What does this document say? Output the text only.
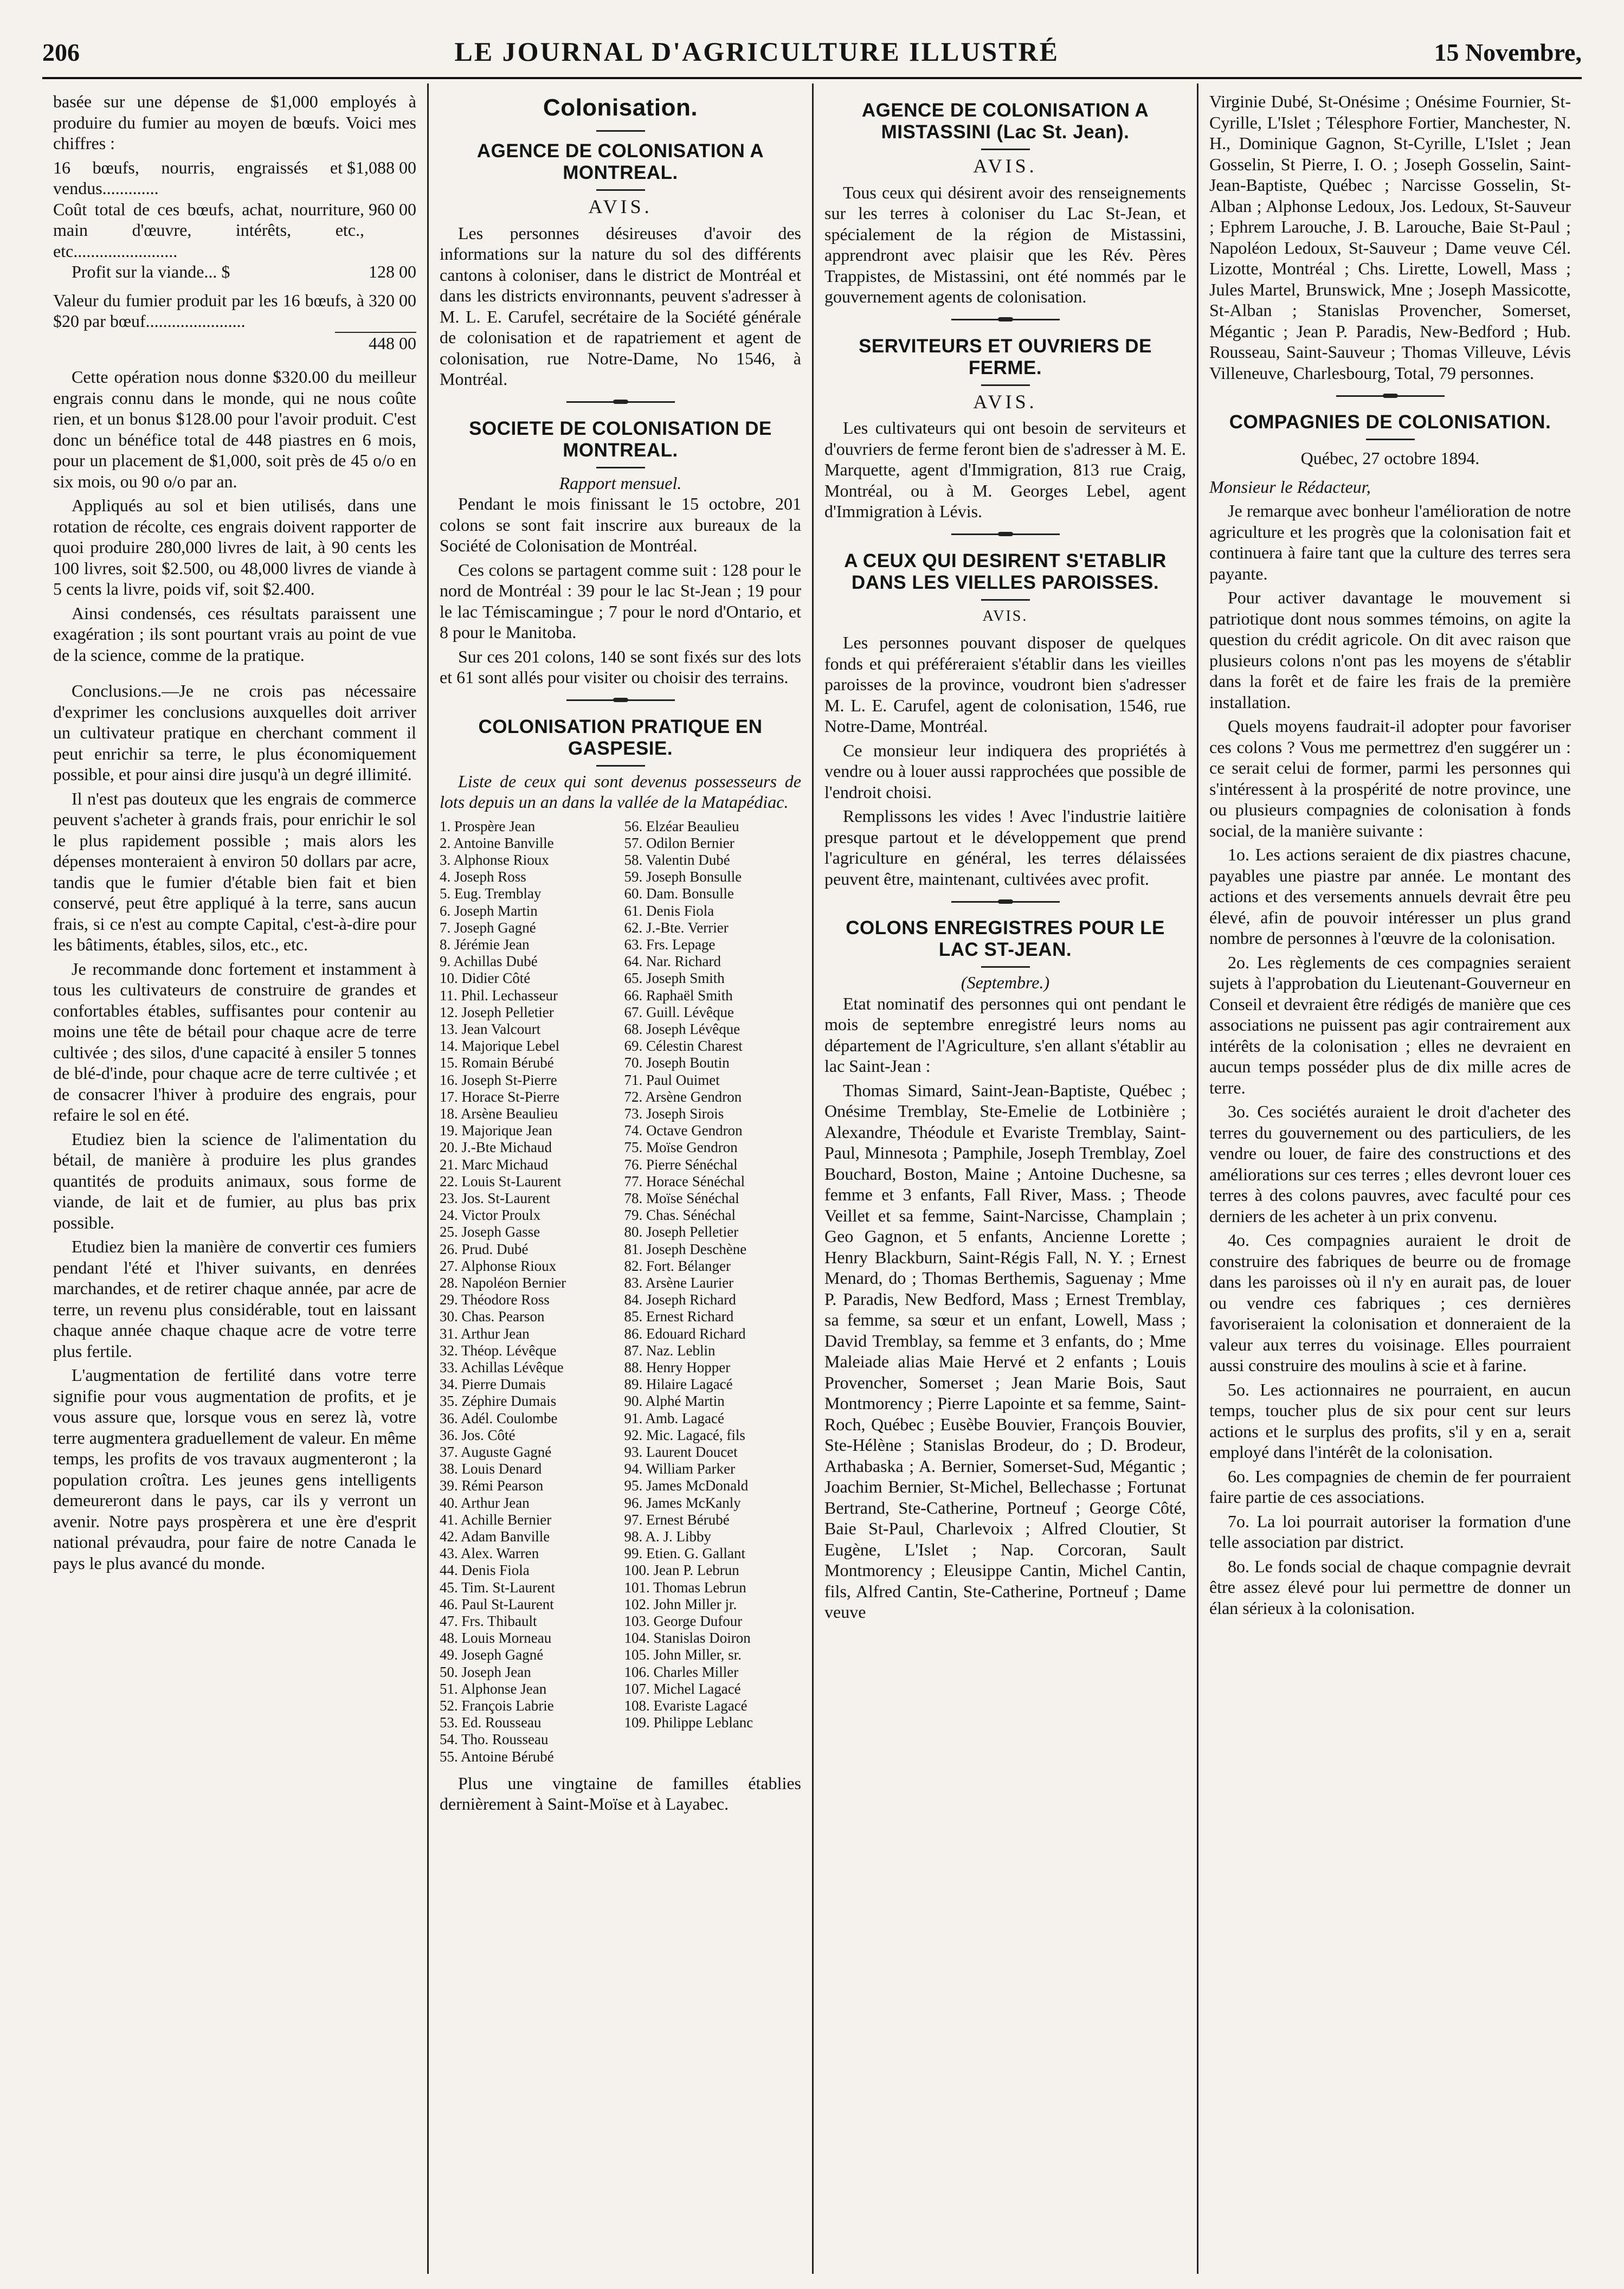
206	LE JOURNAL D'AGRICULTURE ILLUSTRÉ	15 Novembre,

basée sur une dépense de $1,000 employés à produire du fumier au moyen de bœufs. Voici mes chiffres :

16 bœufs, nourris, engraissés et vendus.............
$1,088 00
Coût total de ces bœufs, achat, nourriture, main d'œuvre, intérêts, etc., etc........................
960 00
Profit sur la viande... $	128 00
Valeur du fumier produit par les 16 bœufs, à $20 par bœuf.......................
320 00
448 00

Cette opération nous donne $320.00 du meilleur engrais connu dans le monde, qui ne nous coûte rien, et un bonus $128.00 pour l'avoir produit. C'est donc un bénéfice total de 448 piastres en 6 mois, pour un placement de $1,000, soit près de 45 o/o en six mois, ou 90 o/o par an.

Appliqués au sol et bien utilisés, dans une rotation de récolte, ces engrais doivent rapporter de quoi produire 280,000 livres de lait, à 90 cents les 100 livres, soit $2.500, ou 48,000 livres de viande à 5 cents la livre, poids vif, soit $2.400.

Ainsi condensés, ces résultats paraissent une exagération ; ils sont pourtant vrais au point de vue de la science, comme de la pratique.

Conclusions.—Je ne crois pas nécessaire d'exprimer les conclusions auxquelles doit arriver un cultivateur pratique en cherchant comment il peut enrichir sa terre, le plus économiquement possible, et pour ainsi dire jusqu'à un degré illimité.

Il n'est pas douteux que les engrais de commerce peuvent s'acheter à grands frais, pour enrichir le sol le plus rapidement possible ; mais alors les dépenses monteraient à environ 50 dollars par acre, tandis que le fumier d'étable bien fait et bien conservé, peut être appliqué à la terre, sans aucun frais, si ce n'est au compte Capital, c'est-à-dire pour les bâtiments, étables, silos, etc., etc.

Je recommande donc fortement et instamment à tous les cultivateurs de construire de grandes et confortables étables, suffisantes pour contenir au moins une tête de bétail pour chaque acre de terre cultivée ; des silos, d'une capacité à ensiler 5 tonnes de blé-d'inde, pour chaque acre de terre cultivée ; et de consacrer l'hiver à produire des engrais, pour refaire le sol en été.

Etudiez bien la science de l'alimentation du bétail, de manière à produire les plus grandes quantités de produits animaux, sous forme de viande, de lait et de fumier, au plus bas prix possible.

Etudiez bien la manière de convertir ces fumiers pendant l'été et l'hiver suivants, en denrées marchandes, et de retirer chaque année, par acre de terre, un revenu plus considérable, tout en laissant chaque année chaque chaque acre de votre terre plus fertile.

L'augmentation de fertilité dans votre terre signifie pour vous augmentation de profits, et je vous assure que, lorsque vous en serez là, votre terre augmentera graduellement de valeur. En même temps, les profits de vos travaux augmenteront ; la population croîtra. Les jeunes gens intelligents demeureront dans le pays, car ils y verront un avenir. Notre pays prospèrera et une ère d'esprit national prévaudra, pour faire de notre Canada le pays le plus avancé du monde.

Colonisation.
AGENCE DE COLONISATION A MONTREAL.
AVIS.

Les personnes désireuses d'avoir des informations sur la nature du sol des différents cantons à coloniser, dans le district de Montréal et dans les districts environnants, peuvent s'adresser à M. L. E. Carufel, secrétaire de la Société générale de colonisation et de rapatriement et agent de colonisation, rue Notre-Dame, No 1546, à Montréal.

SOCIETE DE COLONISATION DE MONTREAL.
Rapport mensuel.

Pendant le mois finissant le 15 octobre, 201 colons se sont fait inscrire aux bureaux de la Société de Colonisation de Montréal.

Ces colons se partagent comme suit : 128 pour le nord de Montréal : 39 pour le lac St-Jean ; 19 pour le lac Témiscamingue ; 7 pour le nord d'Ontario, et 8 pour le Manitoba.

Sur ces 201 colons, 140 se sont fixés sur des lots et 61 sont allés pour visiter ou choisir des terrains.

COLONISATION PRATIQUE EN GASPESIE.

Liste de ceux qui sont devenus possesseurs de lots depuis un an dans la vallée de la Matapédiac.

1. Prospère Jean
2. Antoine Banville
3. Alphonse Rioux
4. Joseph Ross
5. Eug. Tremblay
6. Joseph Martin
7. Joseph Gagné
8. Jérémie Jean
9. Achillas Dubé
10. Didier Côté
11. Phil. Lechasseur
12. Joseph Pelletier
13. Jean Valcourt
14. Majorique Lebel
15. Romain Bérubé
16. Joseph St-Pierre
17. Horace St-Pierre
18. Arsène Beaulieu
19. Majorique Jean
20. J.-Bte Michaud
21. Marc Michaud
22. Louis St-Laurent
23. Jos. St-Laurent
24. Victor Proulx
25. Joseph Gasse
26. Prud. Dubé
27. Alphonse Rioux
28. Napoléon Bernier
29. Théodore Ross
30. Chas. Pearson
31. Arthur Jean
32. Théop. Lévêque
33. Achillas Lévêque
34. Pierre Dumais
35. Zéphire Dumais
36. Adél. Coulombe
36. Jos. Côté
37. Auguste Gagné
38. Louis Denard
39. Rémi Pearson
40. Arthur Jean
41. Achille Bernier
42. Adam Banville
43. Alex. Warren
44. Denis Fiola
45. Tim. St-Laurent
46. Paul St-Laurent
47. Frs. Thibault
48. Louis Morneau
49. Joseph Gagné
50. Joseph Jean
51. Alphonse Jean
52. François Labrie
53. Ed. Rousseau
54. Tho. Rousseau
55. Antoine Bérubé
56. Elzéar Beaulieu
57. Odilon Bernier
58. Valentin Dubé
59. Joseph Bonsulle
60. Dam. Bonsulle
61. Denis Fiola
62. J.-Bte. Verrier
63. Frs. Lepage
64. Nar. Richard
65. Joseph Smith
66. Raphaël Smith
67. Guill. Lévêque
68. Joseph Lévêque
69. Célestin Charest
70. Joseph Boutin
71. Paul Ouimet
72. Arsène Gendron
73. Joseph Sirois
74. Octave Gendron
75. Moïse Gendron
76. Pierre Sénéchal
77. Horace Sénéchal
78. Moïse Sénéchal
79. Chas. Sénéchal
80. Joseph Pelletier
81. Joseph Deschène
82. Fort. Bélanger
83. Arsène Laurier
84. Joseph Richard
85. Ernest Richard
86. Edouard Richard
87. Naz. Leblin
88. Henry Hopper
89. Hilaire Lagacé
90. Alphé Martin
91. Amb. Lagacé
92. Mic. Lagacé, fils
93. Laurent Doucet
94. William Parker
95. James McDonald
96. James McKanly
97. Ernest Bérubé
98. A. J. Libby
99. Etien. G. Gallant
100. Jean P. Lebrun
101. Thomas Lebrun
102. John Miller jr.
103. George Dufour
104. Stanislas Doiron
105. John Miller, sr.
106. Charles Miller
107. Michel Lagacé
108. Evariste Lagacé
109. Philippe Leblanc

Plus une vingtaine de familles établies dernièrement à Saint-Moïse et à Layabec.

AGENCE DE COLONISATION A MISTASSINI (Lac St. Jean).
AVIS.

Tous ceux qui désirent avoir des renseignements sur les terres à coloniser du Lac St-Jean, et spécialement de la région de Mistassini, apprendront avec plaisir que les Rév. Pères Trappistes, de Mistassini, ont été nommés par le gouvernement agents de colonisation.

SERVITEURS ET OUVRIERS DE FERME.
AVIS.

Les cultivateurs qui ont besoin de serviteurs et d'ouvriers de ferme feront bien de s'adresser à M. E. Marquette, agent d'Immigration, 813 rue Craig, Montréal, ou à M. Georges Lebel, agent d'Immigration à Lévis.

A CEUX QUI DESIRENT S'ETABLIR DANS LES VIELLES PAROISSES.
AVIS.

Les personnes pouvant disposer de quelques fonds et qui préféreraient s'établir dans les vieilles paroisses de la province, voudront bien s'adresser M. L. E. Carufel, agent de colonisation, 1546, rue Notre-Dame, Montréal.

Ce monsieur leur indiquera des propriétés à vendre ou à louer aussi rapprochées que possible de l'endroit choisi.

Remplissons les vides ! Avec l'industrie laitière presque partout et le développement que prend l'agriculture en général, les terres délaissées peuvent être, maintenant, cultivées avec profit.

COLONS ENREGISTRES POUR LE LAC ST-JEAN.
(Septembre.)

Etat nominatif des personnes qui ont pendant le mois de septembre enregistré leurs noms au département de l'Agriculture, s'en allant s'établir au lac Saint-Jean :

Thomas Simard, Saint-Jean-Baptiste, Québec ; Onésime Tremblay, Ste-Emelie de Lotbinière ; Alexandre, Théodule et Evariste Tremblay, Saint-Paul, Minnesota ; Pamphile, Joseph Tremblay, Zoel Bouchard, Boston, Maine ; Antoine Duchesne, sa femme et 3 enfants, Fall River, Mass. ; Theode Veillet et sa femme, Saint-Narcisse, Champlain ; Geo Gagnon, et 5 enfants, Ancienne Lorette ; Henry Blackburn, Saint-Régis Fall, N. Y. ; Ernest Menard, do ; Thomas Berthemis, Saguenay ; Mme P. Paradis, New Bedford, Mass ; Ernest Tremblay, sa femme, sa sœur et un enfant, Lowell, Mass ; David Tremblay, sa femme et 3 enfants, do ; Mme Maleiade alias Maie Hervé et 2 enfants ; Louis Provencher, Somerset ; Jean Marie Bois, Saut Montmorency ; Pierre Lapointe et sa femme, Saint-Roch, Québec ; Eusèbe Bouvier, François Bouvier, Ste-Hélène ; Stanislas Brodeur, do ; D. Brodeur, Arthabaska ; A. Bernier, Somerset-Sud, Mégantic ; Joachim Bernier, St-Michel, Bellechasse ; Fortunat Bertrand, Ste-Catherine, Portneuf ; George Côté, Baie St-Paul, Charlevoix ; Alfred Cloutier, St Eugène, L'Islet ; Nap. Corcoran, Sault Montmorency ; Eleusippe Cantin, Michel Cantin, fils, Alfred Cantin, Ste-Catherine, Portneuf ; Dame veuve

Virginie Dubé, St-Onésime ; Onésime Fournier, St-Cyrille, L'Islet ; Télesphore Fortier, Manchester, N. H., Dominique Gagnon, St-Cyrille, L'Islet ; Jean Gosselin, St Pierre, I. O. ; Joseph Gosselin, Saint-Jean-Baptiste, Québec ; Narcisse Gosselin, St-Alban ; Alphonse Ledoux, Jos. Ledoux, St-Sauveur ; Ephrem Larouche, J. B. Larouche, Baie St-Paul ; Napoléon Ledoux, St-Sauveur ; Dame veuve Cél. Lizotte, Montréal ; Chs. Lirette, Lowell, Mass ; Jules Martel, Brunswick, Mne ; Joseph Massicotte, St-Alban ; Stanislas Provencher, Somerset, Mégantic ; Jean P. Paradis, New-Bedford ; Hub. Rousseau, Saint-Sauveur ; Thomas Villeuve, Lévis Villeneuve, Charlesbourg, Total, 79 personnes.

COMPAGNIES DE COLONISATION.

Québec, 27 octobre 1894.

Monsieur le Rédacteur,

Je remarque avec bonheur l'amélioration de notre agriculture et les progrès que la colonisation fait et continuera à faire tant que la culture des terres sera payante.

Pour activer davantage le mouvement si patriotique dont nous sommes témoins, on agite la question du crédit agricole. On dit avec raison que plusieurs colons n'ont pas les moyens de s'établir dans la forêt et de faire les frais de la première installation.

Quels moyens faudrait-il adopter pour favoriser ces colons ? Vous me permettrez d'en suggérer un : ce serait celui de former, parmi les personnes qui s'intéressent à la prospérité de notre province, une ou plusieurs compagnies de colonisation à fonds social, de la manière suivante :

1o. Les actions seraient de dix piastres chacune, payables une piastre par année. Le montant des actions et des versements annuels devrait être peu élevé, afin de pouvoir intéresser un plus grand nombre de personnes à l'œuvre de la colonisation.

2o. Les règlements de ces compagnies seraient sujets à l'approbation du Lieutenant-Gouverneur en Conseil et devraient être rédigés de manière que ces associations ne puissent pas agir contrairement aux intérêts de la colonisation ; elles ne devraient en aucun temps posséder plus de dix mille acres de terre.

3o. Ces sociétés auraient le droit d'acheter des terres du gouvernement ou des particuliers, de les vendre ou louer, de faire des constructions et des améliorations sur ces terres ; elles devront louer ces terres à des colons pauvres, avec faculté pour ces derniers de les acheter à un prix convenu.

4o. Ces compagnies auraient le droit de construire des fabriques de beurre ou de fromage dans les paroisses où il n'y en aurait pas, de louer ou vendre ces fabriques ; ces dernières favoriseraient la colonisation et donneraient de la valeur aux terres du voisinage. Elles pourraient aussi construire des moulins à scie et à farine.

5o. Les actionnaires ne pourraient, en aucun temps, toucher plus de six pour cent sur leurs actions et le surplus des profits, s'il y en a, serait employé dans l'intérêt de la colonisation.

6o. Les compagnies de chemin de fer pourraient faire partie de ces associations.

7o. La loi pourrait autoriser la formation d'une telle association par district.

8o. Le fonds social de chaque compagnie devrait être assez élevé pour lui permettre de donner un élan sérieux à la colonisation.
